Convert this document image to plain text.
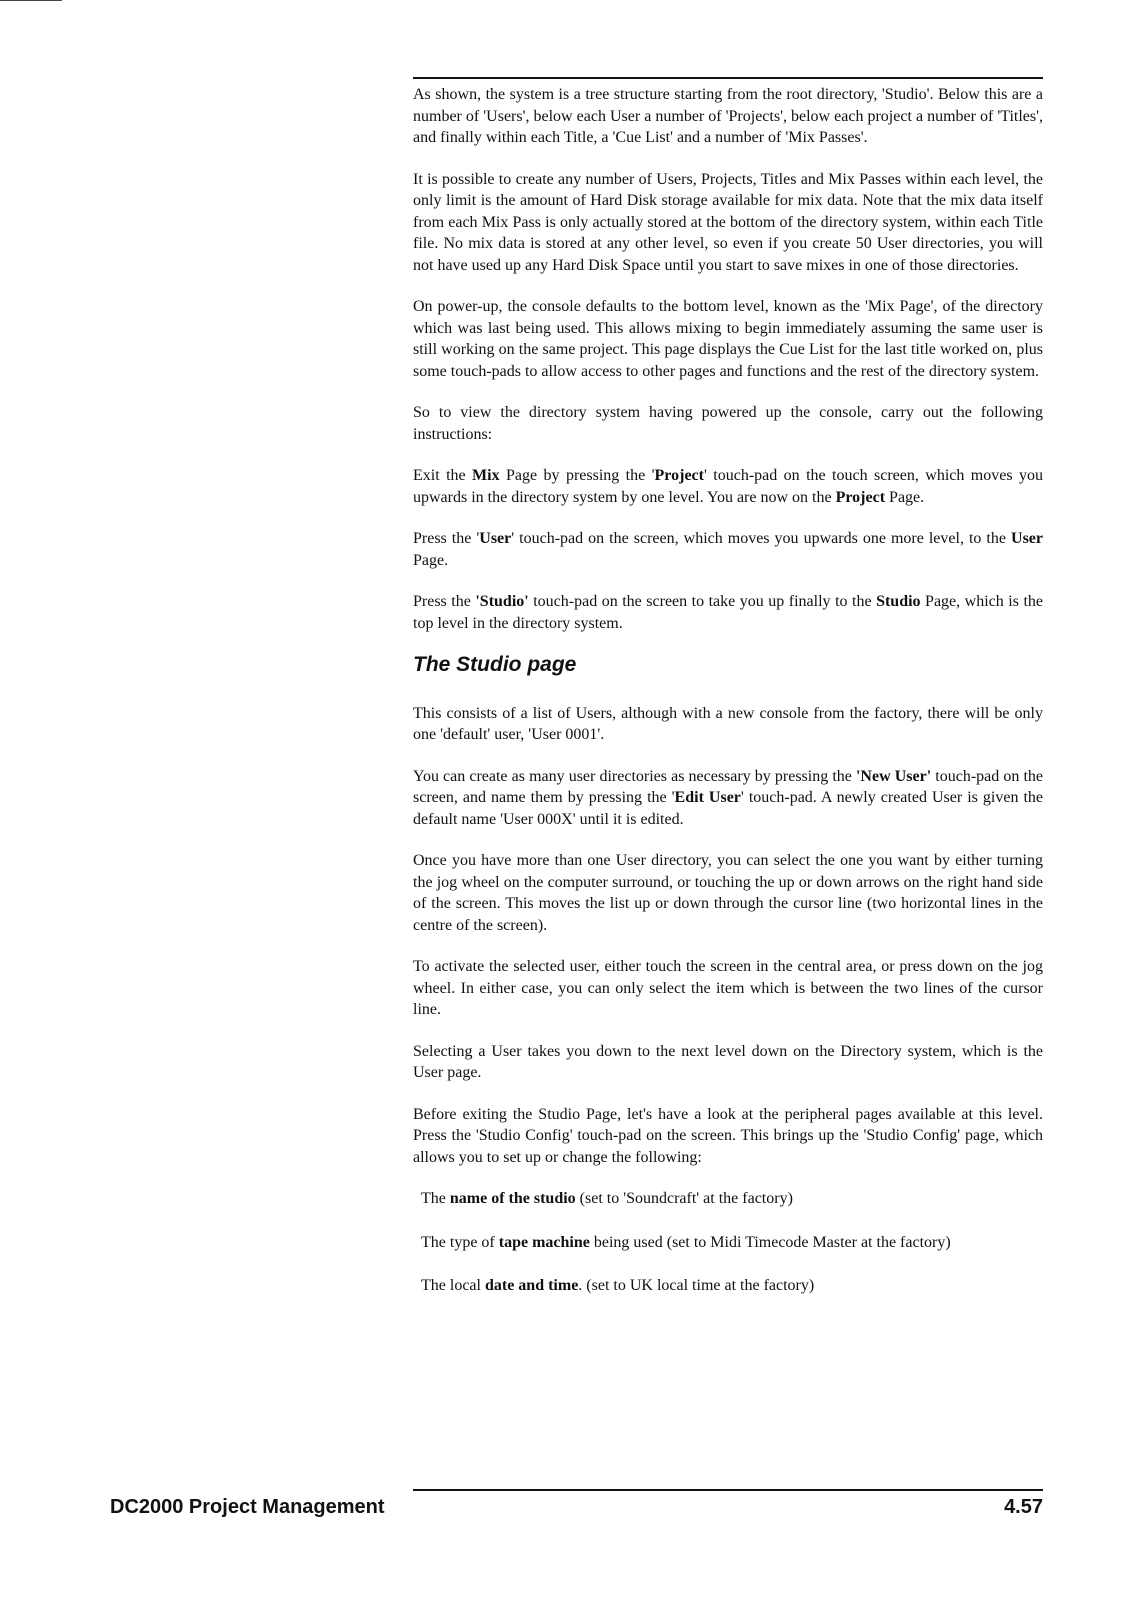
As shown, the system is a tree structure starting from the root directory, 'Studio'. Below this are a number of 'Users', below each User a number of 'Projects', below each project a number of 'Titles', and finally within each Title, a 'Cue List' and a number of 'Mix Passes'.

It is possible to create any number of Users, Projects, Titles and Mix Passes within each level, the only limit is the amount of Hard Disk storage available for mix data. Note that the mix data itself from each Mix Pass is only actually stored at the bottom of the directory system, within each Title file. No mix data is stored at any other level, so even if you create 50 User directories, you will not have used up any Hard Disk Space until you start to save mixes in one of those directories.

On power-up, the console defaults to the bottom level, known as the 'Mix Page', of the directory which was last being used. This allows mixing to begin immediately assuming the same user is still working on the same project. This page displays the Cue List for the last title worked on, plus some touch-pads to allow access to other pages and functions and the rest of the directory system.

So to view the directory system having powered up the console, carry out the following instructions:

Exit the Mix Page by pressing the 'Project' touch-pad on the touch screen, which moves you upwards in the directory system by one level. You are now on the Project Page.

Press the 'User' touch-pad on the screen, which moves you upwards one more level, to the User Page.

Press the 'Studio' touch-pad on the screen to take you up finally to the Studio Page, which is the top level in the directory system.

The Studio page

This consists of a list of Users, although with a new console from the factory, there will be only one 'default' user, 'User 0001'.

You can create as many user directories as necessary by pressing the 'New User' touch-pad on the screen, and name them by pressing the 'Edit User' touch-pad. A newly created User is given the default name 'User 000X' until it is edited.

Once you have more than one User directory, you can select the one you want by either turning the jog wheel on the computer surround, or touching the up or down arrows on the right hand side of the screen. This moves the list up or down through the cursor line (two horizontal lines in the centre of the screen).

To activate the selected user, either touch the screen in the central area, or press down on the jog wheel. In either case, you can only select the item which is between the two lines of the cursor line.

Selecting a User takes you down to the next level down on the Directory system, which is the User page.

Before exiting the Studio Page, let's have a look at the peripheral pages available at this level. Press the 'Studio Config' touch-pad on the screen. This brings up the 'Studio Config' page, which allows you to set up or change the following:

The name of the studio (set to 'Soundcraft' at the factory)

The type of tape machine being used (set to Midi Timecode Master at the factory)

The local date and time. (set to UK local time at the factory)

DC2000 Project Management	4.57
